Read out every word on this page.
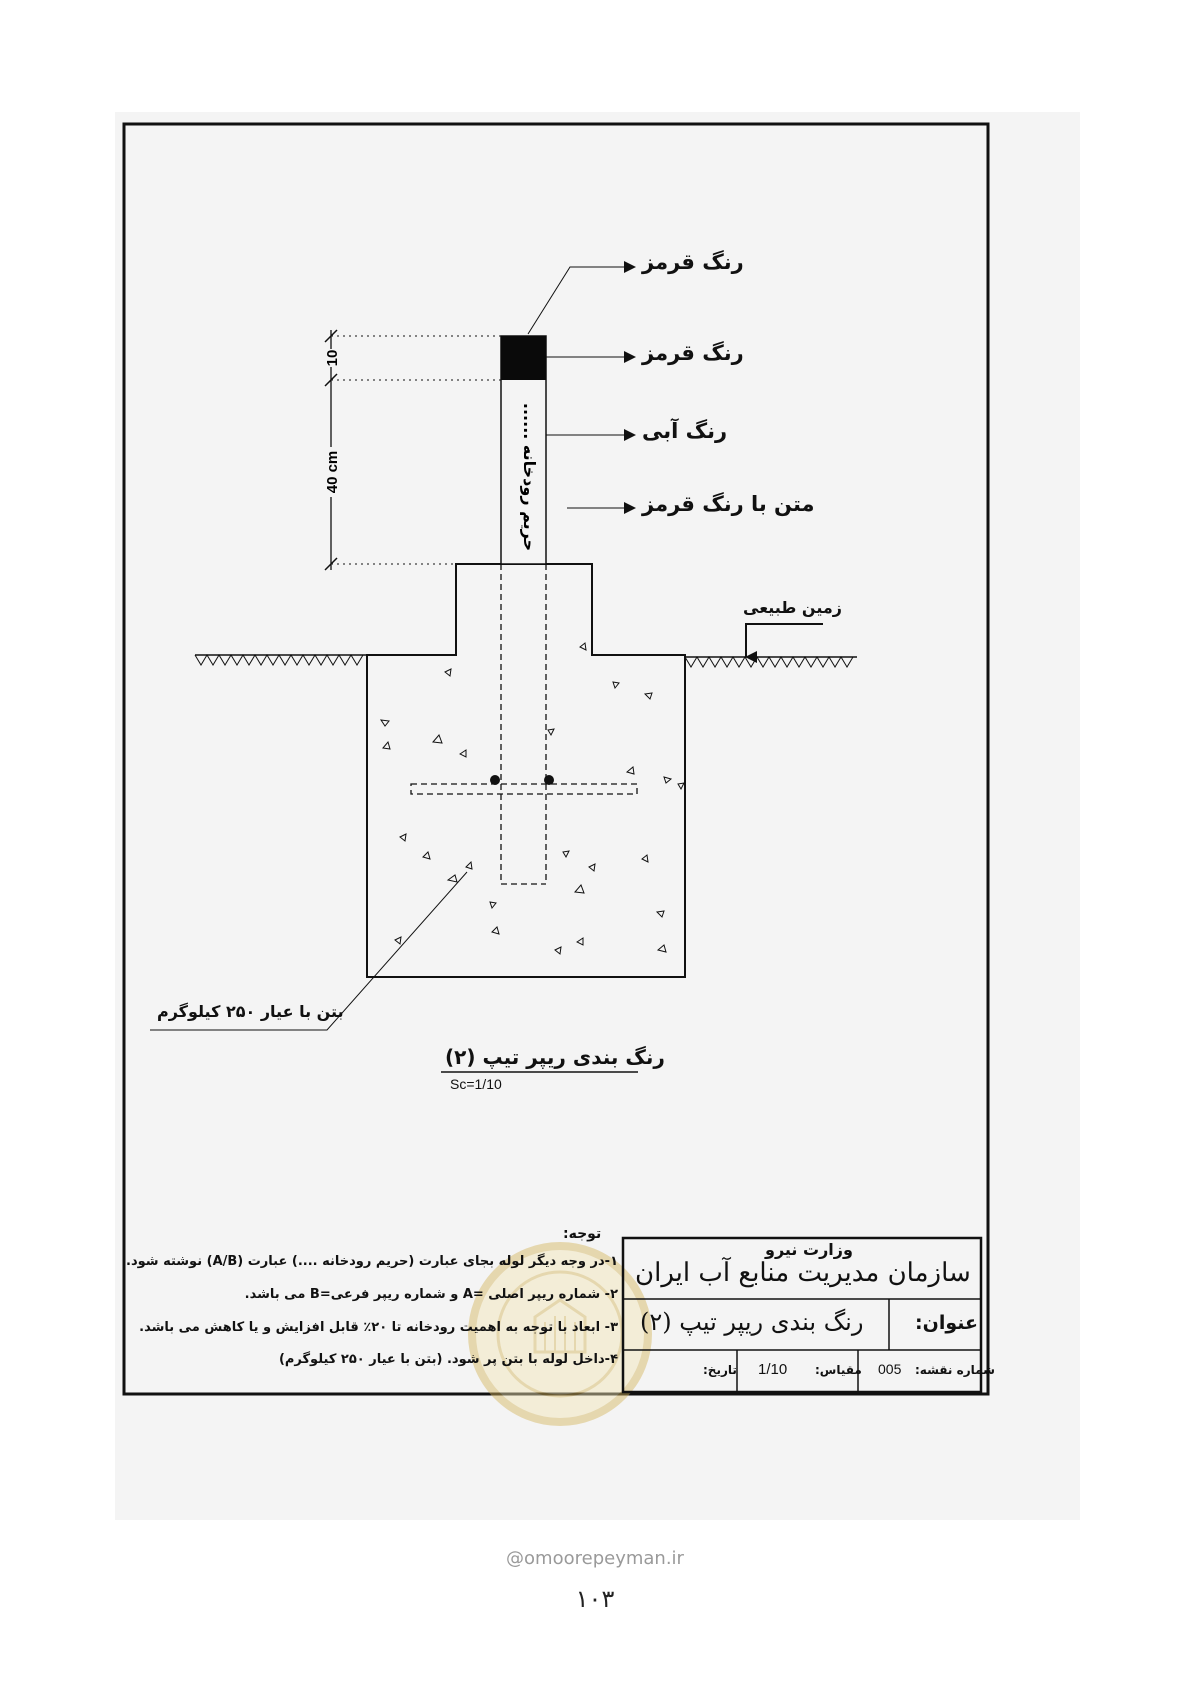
10
40 cm	حریم رودخانه ......
رنگ قرمز
رنگ قرمز
رنگ آبی
متن با رنگ قرمز
زمین طبیعی
بتن با عیار ۲۵۰ کیلوگرم
رنگ بندی ریپر تیپ (۲)
Sc=1/10
توجه:
۱-در وجه دیگر لوله بجای عبارت (حریم رودخانه ....) عبارت (A/B) نوشته شود.
۲- شماره ریپر اصلی =A و شماره ریپر فرعی=B می باشد.
۳- ابعاد با توجه به اهمیت رودخانه تا ۲۰٪ قابل افزایش و یا کاهش می باشد.
۴-داخل لوله با بتن پر شود. (بتن با عیار ۲۵۰ کیلوگرم)
وزارت نیرو
سازمان مدیریت منابع آب ایران
عنوان:
رنگ بندی ریپر تیپ (۲)
شماره نقشه:
005
مقیاس:
1/10
تاریخ:
@omoorepeyman.ir
۱۰۳
